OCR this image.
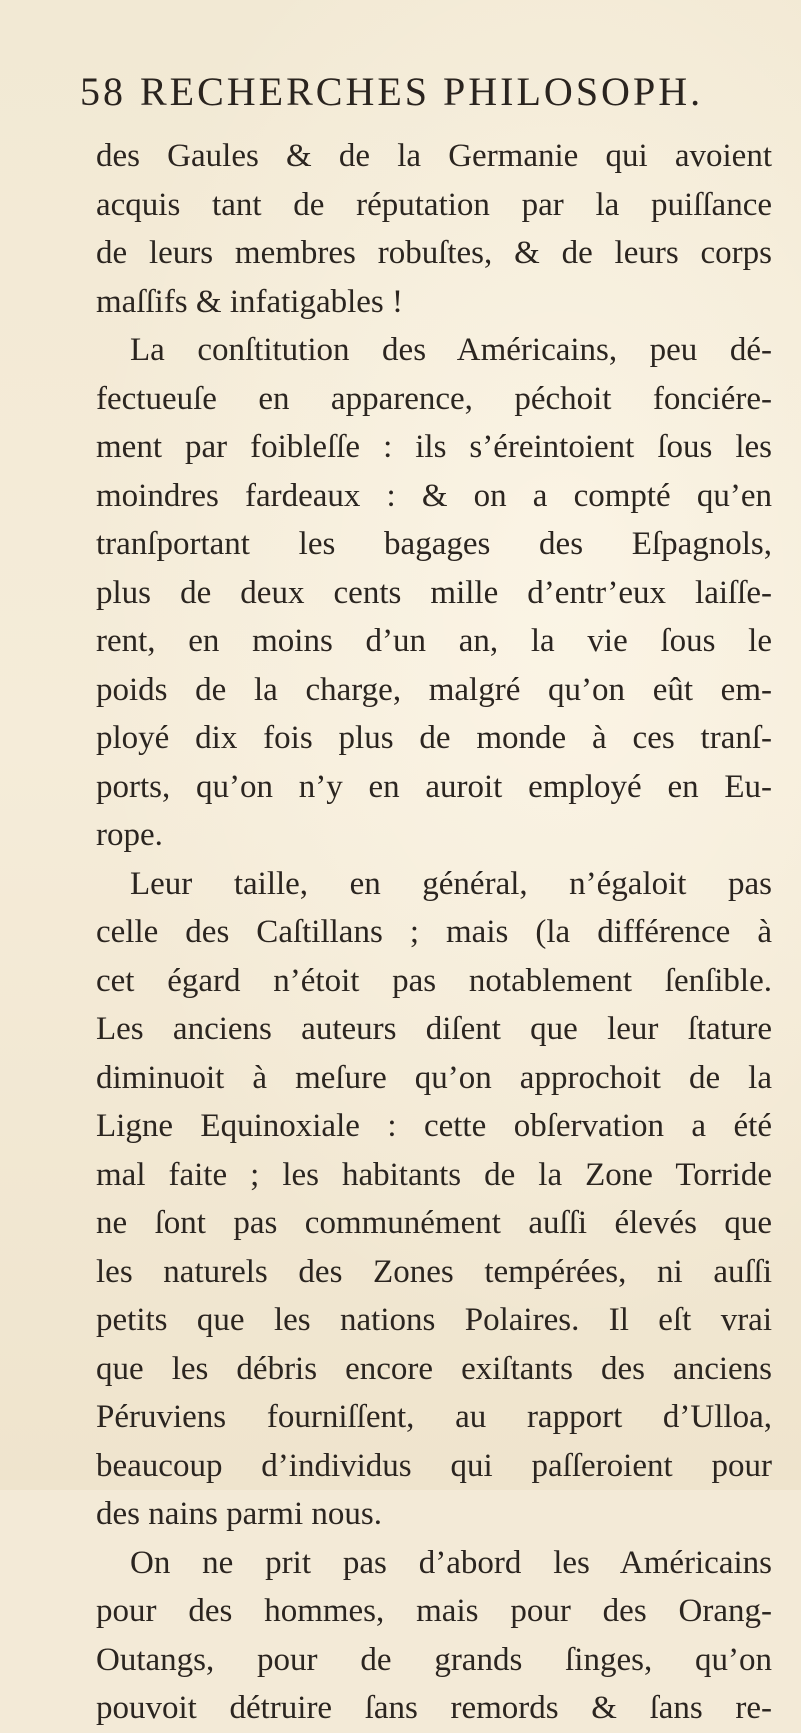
58 RECHERCHES PHILOSOPH.
des Gaules & de la Germanie qui avoient
acquis tant de réputation par la puiſſance
de leurs membres robuſtes, & de leurs corps
maſſifs & infatigables !
La conſtitution des Américains, peu dé-
fectueuſe en apparence, péchoit fonciére-
ment par foibleſſe : ils s’éreintoient ſous les
moindres fardeaux : & on a compté qu’en
tranſportant les bagages des Eſpagnols,
plus de deux cents mille d’entr’eux laiſſe-
rent, en moins d’un an, la vie ſous le
poids de la charge, malgré qu’on eût em-
ployé dix fois plus de monde à ces tranſ-
ports, qu’on n’y en auroit employé en Eu-
rope.
Leur taille, en général, n’égaloit pas
celle des Caſtillans ; mais (la différence à
cet égard n’étoit pas notablement ſenſible.
Les anciens auteurs diſent que leur ſtature
diminuoit à meſure qu’on approchoit de la
Ligne Equinoxiale : cette obſervation a été
mal faite ; les habitants de la Zone Torride
ne ſont pas communément auſſi élevés que
les naturels des Zones tempérées, ni auſſi
petits que les nations Polaires. Il eſt vrai
que les débris encore exiſtants des anciens
Péruviens fourniſſent, au rapport d’Ulloa,
beaucoup d’individus qui paſſeroient pour
des nains parmi nous.
On ne prit pas d’abord les Américains
pour des hommes, mais pour des Orang-
Outangs, pour de grands ſinges, qu’on
pouvoit détruire ſans remords & ſans re-
